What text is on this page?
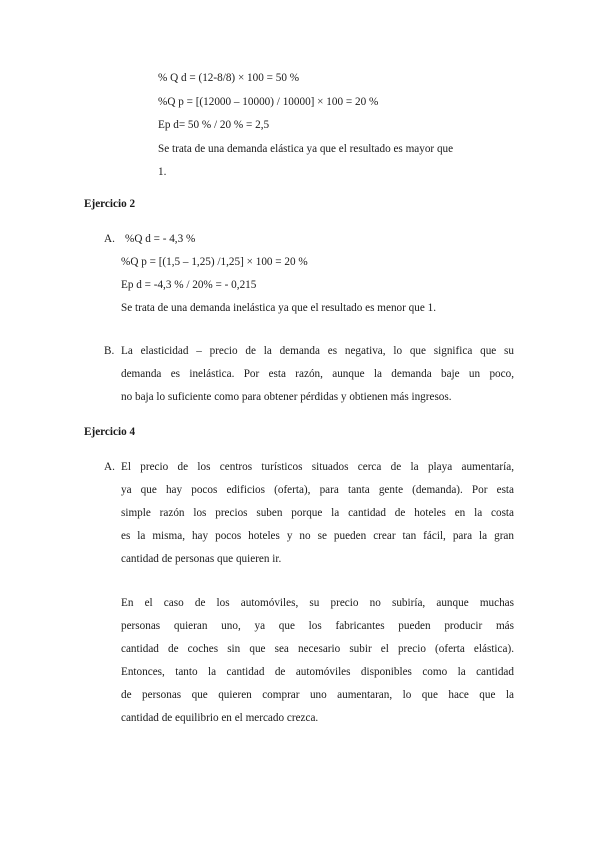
% Q d = (12-8/8) × 100 = 50 %
%Q p = [(12000 – 10000) / 10000] × 100 = 20 %
Ep d= 50 % / 20 % = 2,5
Se trata de una demanda elástica ya que el resultado es mayor que
1.
Ejercicio 2
A. %Q d = - 4,3 %
%Q p = [(1,5 – 1,25) /1,25] × 100 = 20 %
Ep d = -4,3 % / 20% = - 0,215
Se trata de una demanda inelástica ya que el resultado es menor que 1.
B. La elasticidad – precio de la demanda es negativa, lo que significa que su
demanda es inelástica. Por esta razón, aunque la demanda baje un poco,
no baja lo suficiente como para obtener pérdidas y obtienen más ingresos.
Ejercicio 4
A. El precio de los centros turísticos situados cerca de la playa aumentaría,
ya que hay pocos edificios (oferta), para tanta gente (demanda). Por esta
simple razón los precios suben porque la cantidad de hoteles en la costa
es la misma, hay pocos hoteles y no se pueden crear tan fácil, para la gran
cantidad de personas que quieren ir.
En el caso de los automóviles, su precio no subiría, aunque muchas
personas quieran uno, ya que los fabricantes pueden producir más
cantidad de coches sin que sea necesario subir el precio (oferta elástica).
Entonces, tanto la cantidad de automóviles disponibles como la cantidad
de personas que quieren comprar uno aumentaran, lo que hace que la
cantidad de equilibrio en el mercado crezca.
